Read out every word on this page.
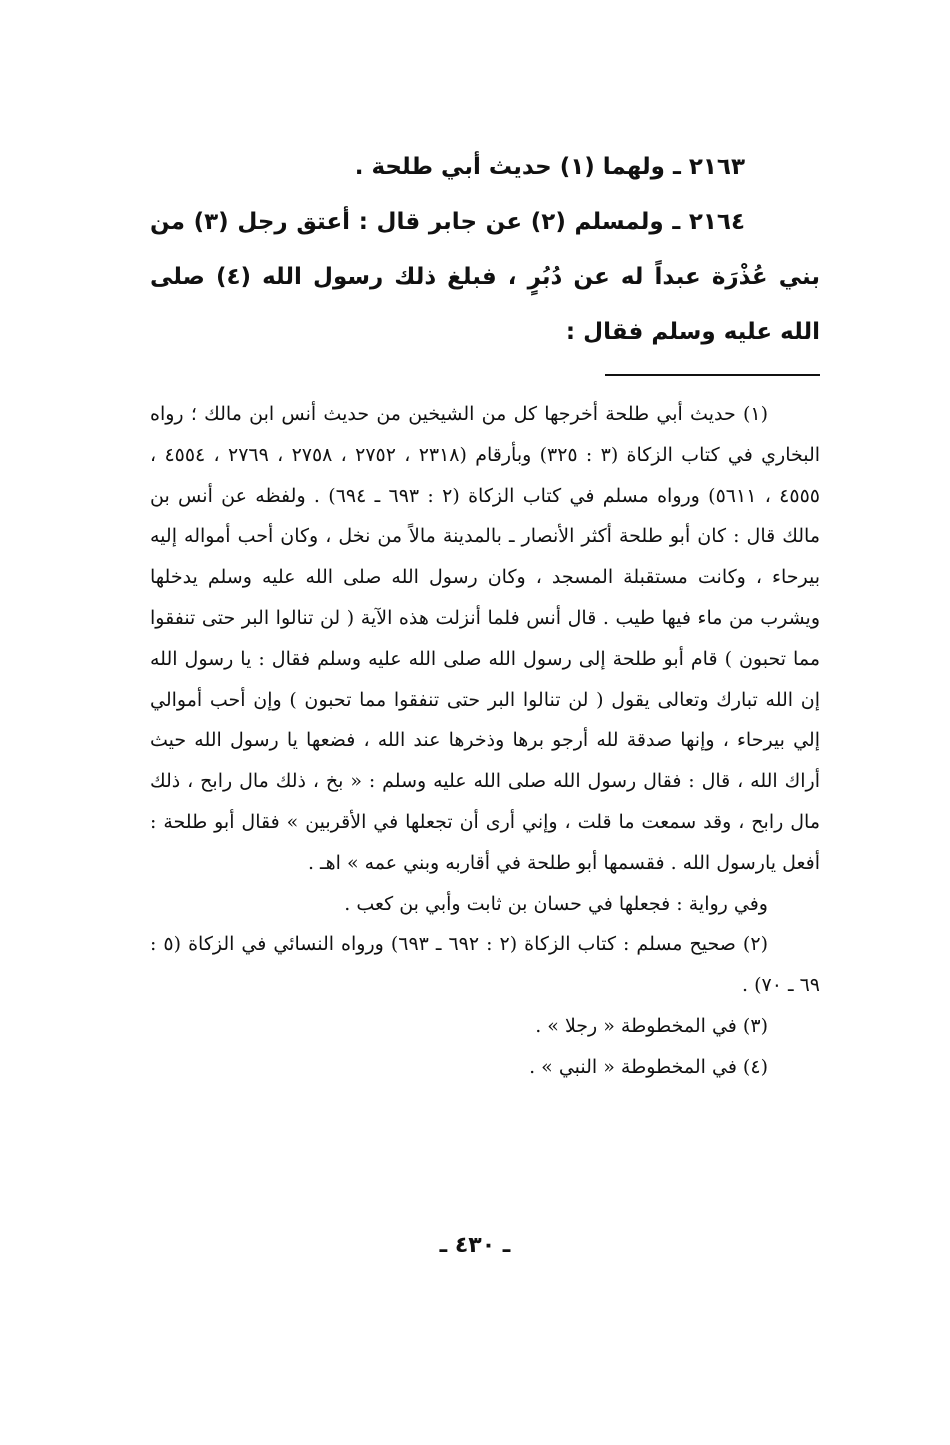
٢١٦٣ ـ ولهما (١) حديث أبي طلحة .

٢١٦٤ ـ ولمسلم (٢) عن جابر قال : أعتق رجل (٣) من بني عُذْرَة عبداً له عن دُبُرٍ ، فبلغ ذلك رسول الله (٤) صلى الله عليه وسلم فقال :

(١) حديث أبي طلحة أخرجها كل من الشيخين من حديث أنس ابن مالك ؛ رواه البخاري في كتاب الزكاة (٣ : ٣٢٥) وبأرقام (٢٣١٨ ، ٢٧٥٢ ، ٢٧٥٨ ، ٢٧٦٩ ، ٤٥٥٤ ، ٤٥٥٥ ، ٥٦١١) ورواه مسلم في كتاب الزكاة (٢ : ٦٩٣ ـ ٦٩٤) . ولفظه عن أنس بن مالك قال : كان أبو طلحة أكثر الأنصار ـ بالمدينة مالاً من نخل ، وكان أحب أمواله إليه بيرحاء ، وكانت مستقبلة المسجد ، وكان رسول الله صلى الله عليه وسلم يدخلها ويشرب من ماء فيها طيب . قال أنس فلما أنزلت هذه الآية ( لن تنالوا البر حتى تنفقوا مما تحبون ) قام أبو طلحة إلى رسول الله صلى الله عليه وسلم فقال : يا رسول الله إن الله تبارك وتعالى يقول ( لن تنالوا البر حتى تنفقوا مما تحبون ) وإن أحب أموالي إلي بيرحاء ، وإنها صدقة لله أرجو برها وذخرها عند الله ، فضعها يا رسول الله حيث أراك الله ، قال : فقال رسول الله صلى الله عليه وسلم : « بخ ، ذلك مال رابح ، ذلك مال رابح ، وقد سمعت ما قلت ، وإني أرى أن تجعلها في الأقربين » فقال أبو طلحة : أفعل يارسول الله . فقسمها أبو طلحة في أقاربه وبني عمه » اهـ .

وفي رواية : فجعلها في حسان بن ثابت وأبي بن كعب .

(٢) صحيح مسلم : كتاب الزكاة (٢ : ٦٩٢ ـ ٦٩٣) ورواه النسائي في الزكاة (٥ : ٦٩ ـ ٧٠) .

(٣) في المخطوطة « رجلا » .

(٤) في المخطوطة « النبي » .

ـ ٤٣٠ ـ
